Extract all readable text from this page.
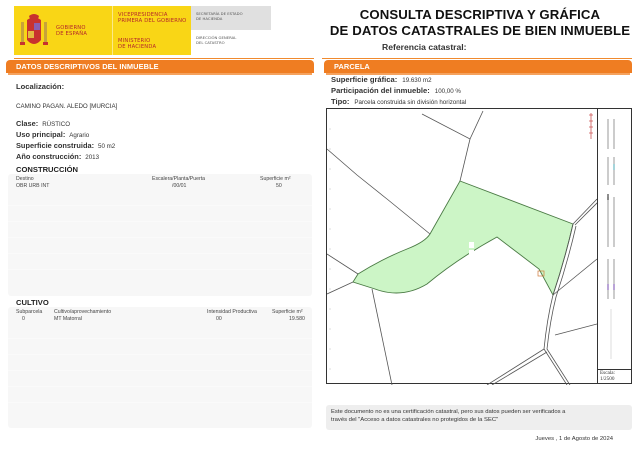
GOBIERNO
DE ESPAÑA
VICEPRESIDENCIA
PRIMERA DEL GOBIERNO
MINISTERIO
DE HACIENDA
SECRETARÍA DE ESTADO
DE HACIENDA
DIRECCIÓN GENERAL
DEL CATASTRO
CONSULTA DESCRIPTIVA Y GRÁFICA
DE DATOS CATASTRALES DE BIEN INMUEBLE
Referencia catastral:
DATOS DESCRIPTIVOS DEL INMUEBLE
Localización:
CAMINO PAGAN. ALEDO [MURCIA]
Clase: RÚSTICO
Uso principal: Agrario
Superficie construida: 50 m2
Año construcción: 2013
CONSTRUCCIÓN
Destino	Escalera/Planta/Puerta	Superficie m²
OBR URB INT	/00/01	50
CULTIVO
Subparcela Cultivo/aprovechamiento	Intensidad Productiva	Superficie m²
0	MT Matorral	00	19.580
PARCELA
Superficie gráfica: 19.630 m2
Participación del inmueble: 100,00 %
Tipo: Parcela construida sin división horizontal
Escala:
1/2500
Este documento no es una certificación catastral, pero sus datos pueden ser verificados a
través del "Acceso a datos catastrales no protegidos de la SEC"
Jueves , 1 de Agosto de 2024
